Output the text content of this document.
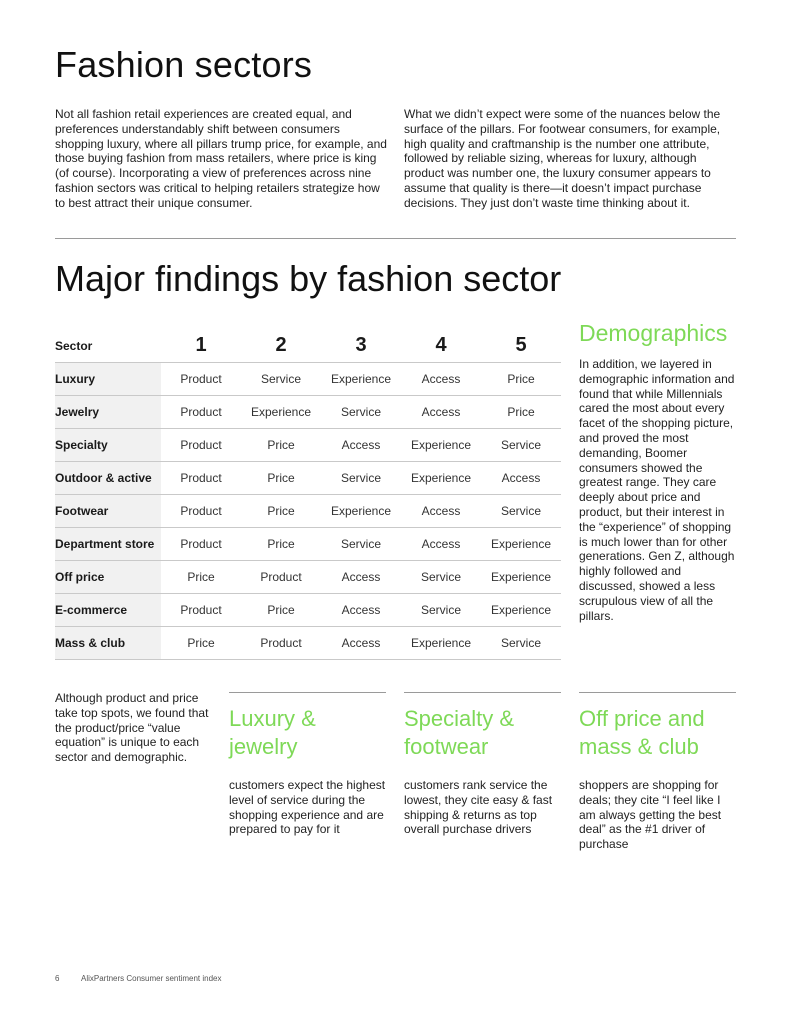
Fashion sectors

Not all fashion retail experiences are created equal, and preferences understandably shift between consumers shopping luxury, where all pillars trump price, for example, and those buying fashion from mass retailers, where price is king (of course). Incorporating a view of preferences across nine fashion sectors was critical to helping retailers strategize how to best attract their unique consumer.

What we didn’t expect were some of the nuances below the surface of the pillars. For footwear consumers, for example, high quality and craftmanship is the number one attribute, followed by reliable sizing, whereas for luxury, although product was number one, the luxury consumer appears to assume that quality is there—it doesn’t impact purchase decisions. They just don’t waste time thinking about it.

Major findings by fashion sector
Sector	1	2	3	4	5
Luxury	Product	Service	Experience	Access	Price
Jewelry	Product	Experience	Service	Access	Price
Specialty	Product	Price	Access	Experience	Service
Outdoor & active	Product	Price	Service	Experience	Access
Footwear	Product	Price	Experience	Access	Service
Department store	Product	Price	Service	Access	Experience
Off price	Price	Product	Access	Service	Experience
E-commerce	Product	Price	Access	Service	Experience
Mass & club	Price	Product	Access	Experience	Service
Demographics

In addition, we layered in demographic information and found that while Millennials cared the most about every facet of the shopping picture, and proved the most demanding, Boomer consumers showed the greatest range. They care deeply about price and product, but their interest in the “experience” of shopping is much lower than for other generations. Gen Z, although highly followed and discussed, showed a less scrupulous view of all the pillars.

Although product and price take top spots, we found that the product/price “value equation” is unique to each sector and demographic.

Luxury & jewelry

customers expect the highest level of service during the shopping experience and are prepared to pay for it

Specialty & footwear

customers rank service the lowest, they cite easy & fast shipping & returns as top overall purchase drivers

Off price and mass & club

shoppers are shopping for deals; they cite “I feel like I am always getting the best deal” as the #1 driver of purchase

6	AlixPartners Consumer sentiment index
